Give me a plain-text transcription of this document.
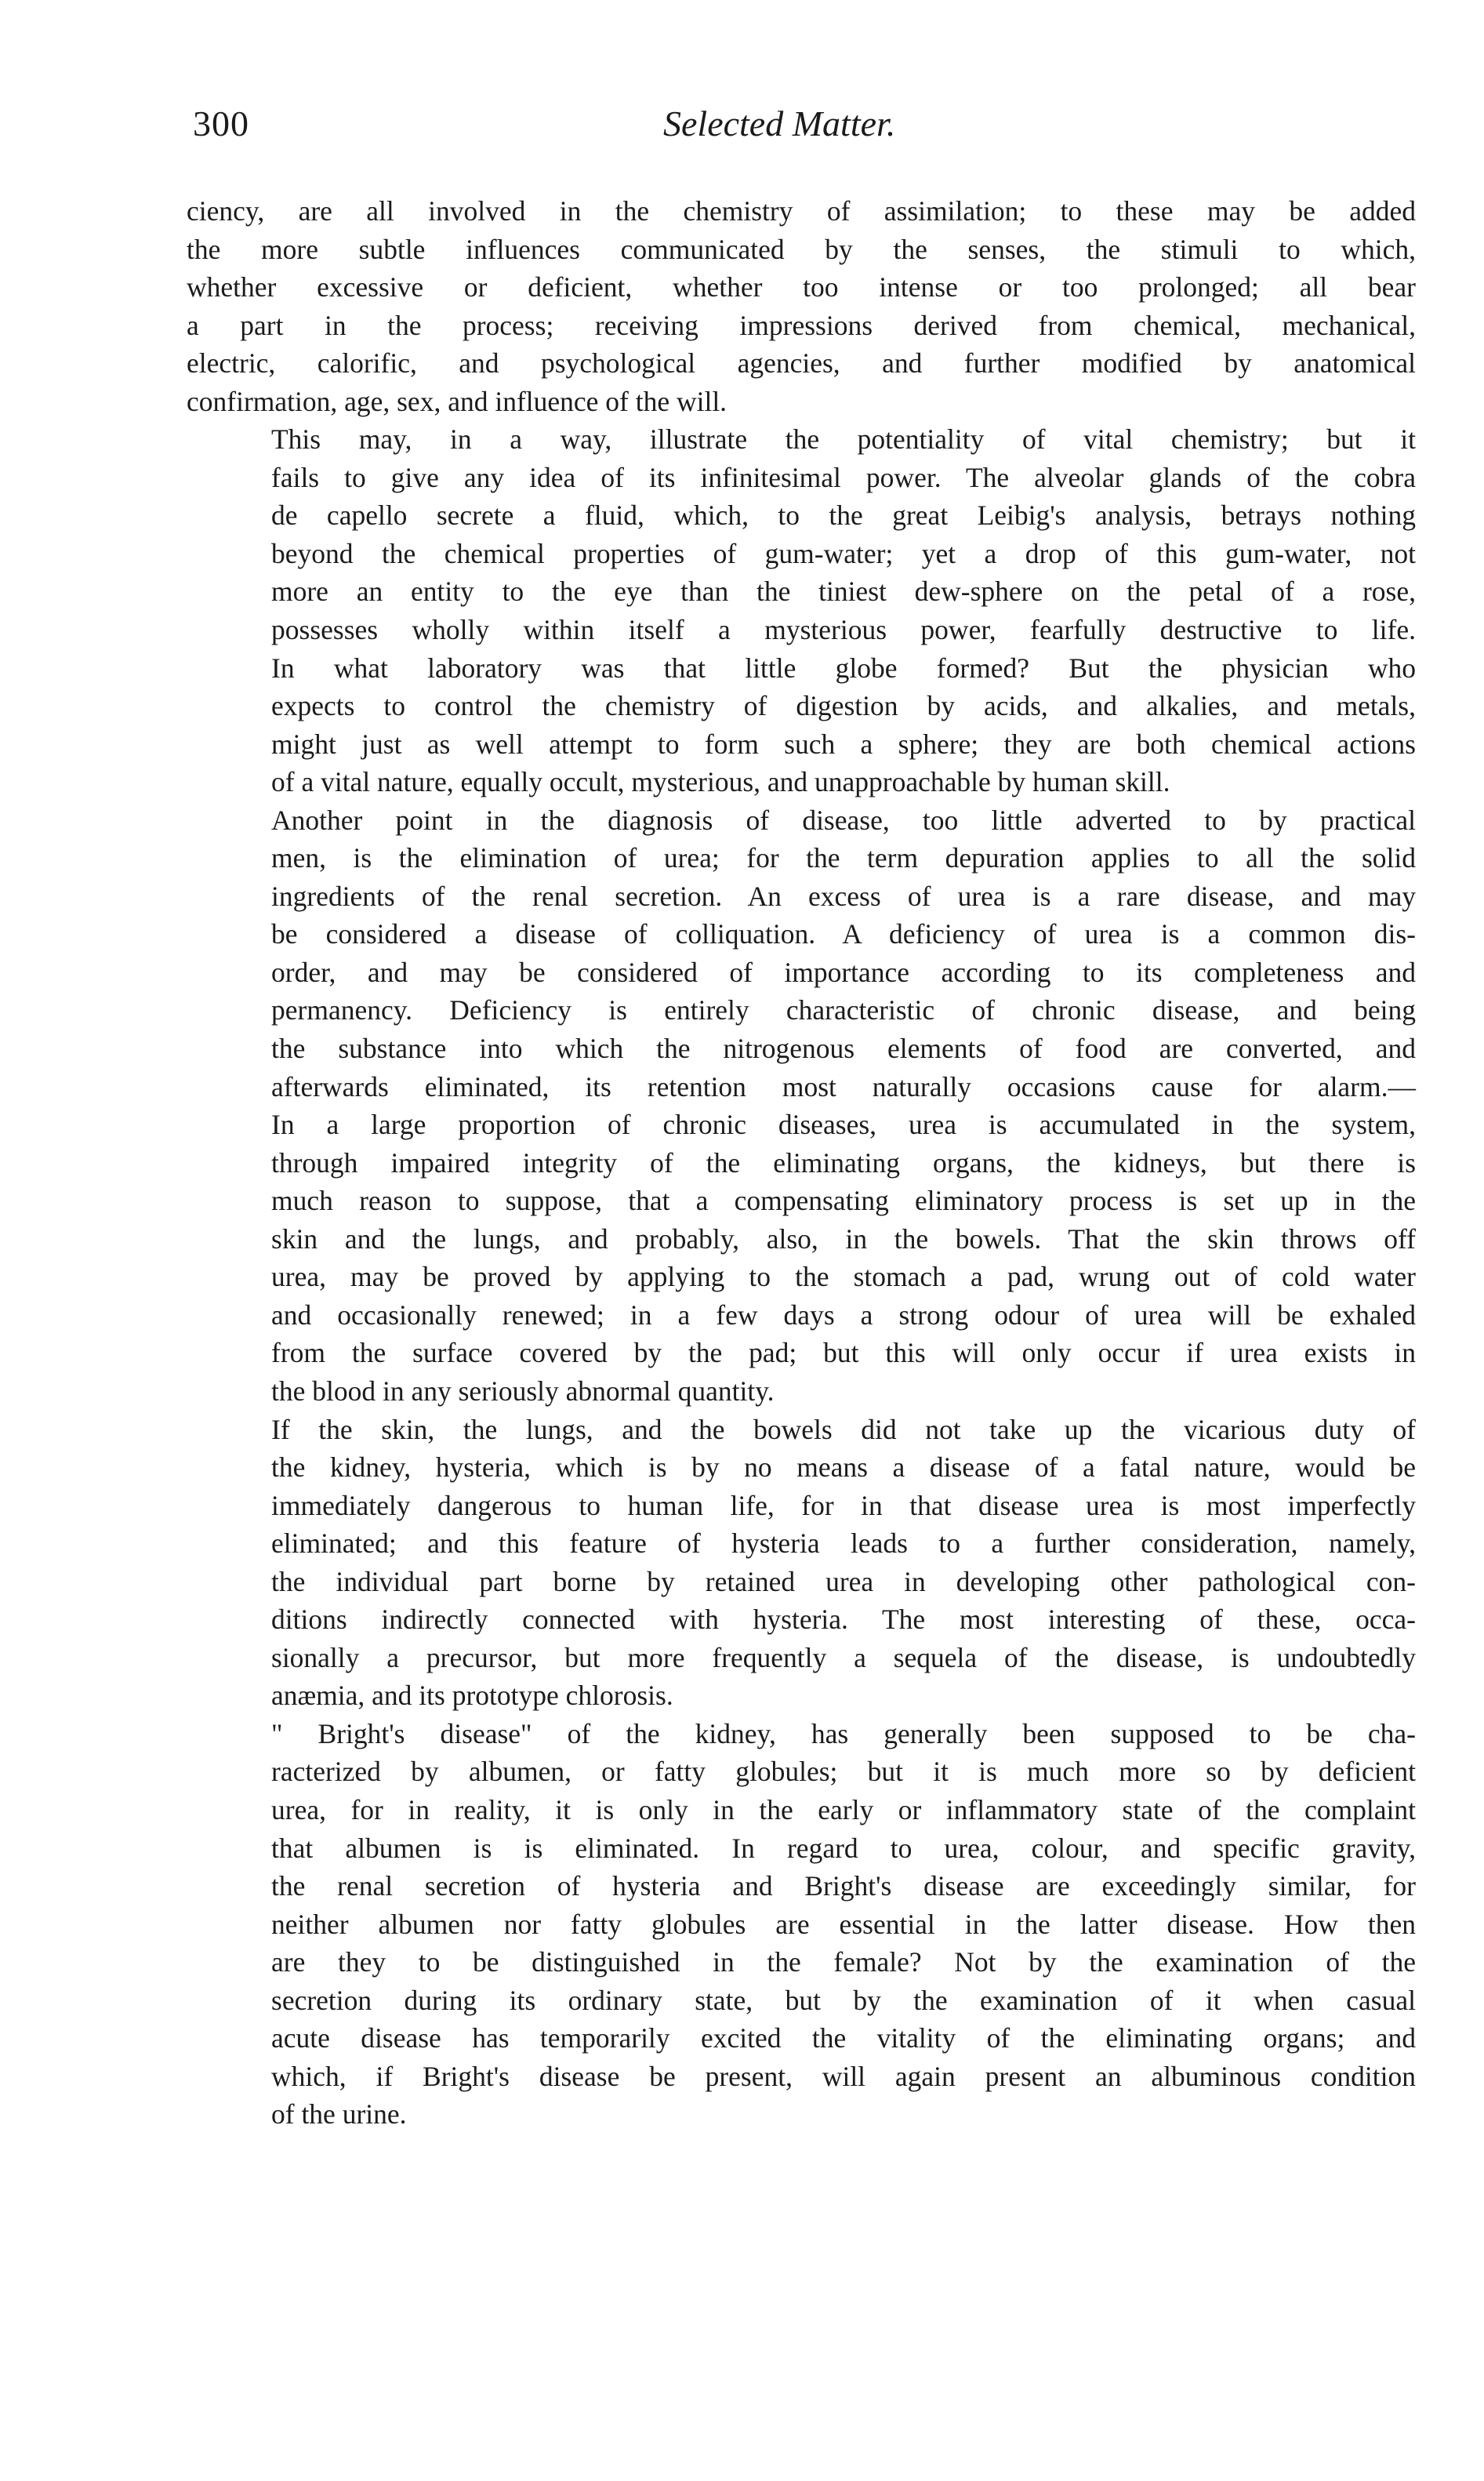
300	Selected Matter.
ciency, are all involved in the chemistry of assimilation; to these may be added
the more subtle influences communicated by the senses, the stimuli to which,
whether excessive or deficient, whether too intense or too prolonged; all bear
a part in the process; receiving impressions derived from chemical, mechanical,
electric, calorific, and psychological agencies, and further modified by anatomical
confirmation, age, sex, and influence of the will.
This may, in a way, illustrate the potentiality of vital chemistry; but it
fails to give any idea of its infinitesimal power. The alveolar glands of the cobra
de capello secrete a fluid, which, to the great Leibig's analysis, betrays nothing
beyond the chemical properties of gum-water; yet a drop of this gum-water, not
more an entity to the eye than the tiniest dew-sphere on the petal of a rose,
possesses wholly within itself a mysterious power, fearfully destructive to life.
In what laboratory was that little globe formed? But the physician who
expects to control the chemistry of digestion by acids, and alkalies, and metals,
might just as well attempt to form such a sphere; they are both chemical actions
of a vital nature, equally occult, mysterious, and unapproachable by human skill.
Another point in the diagnosis of disease, too little adverted to by practical
men, is the elimination of urea; for the term depuration applies to all the solid
ingredients of the renal secretion. An excess of urea is a rare disease, and may
be considered a disease of colliquation. A deficiency of urea is a common dis-
order, and may be considered of importance according to its completeness and
permanency. Deficiency is entirely characteristic of chronic disease, and being
the substance into which the nitrogenous elements of food are converted, and
afterwards eliminated, its retention most naturally occasions cause for alarm.—
In a large proportion of chronic diseases, urea is accumulated in the system,
through impaired integrity of the eliminating organs, the kidneys, but there is
much reason to suppose, that a compensating eliminatory process is set up in the
skin and the lungs, and probably, also, in the bowels. That the skin throws off
urea, may be proved by applying to the stomach a pad, wrung out of cold water
and occasionally renewed; in a few days a strong odour of urea will be exhaled
from the surface covered by the pad; but this will only occur if urea exists in
the blood in any seriously abnormal quantity.
If the skin, the lungs, and the bowels did not take up the vicarious duty of
the kidney, hysteria, which is by no means a disease of a fatal nature, would be
immediately dangerous to human life, for in that disease urea is most imperfectly
eliminated; and this feature of hysteria leads to a further consideration, namely,
the individual part borne by retained urea in developing other pathological con-
ditions indirectly connected with hysteria. The most interesting of these, occa-
sionally a precursor, but more frequently a sequela of the disease, is undoubtedly
anæmia, and its prototype chlorosis.
" Bright's disease" of the kidney, has generally been supposed to be cha-
racterized by albumen, or fatty globules; but it is much more so by deficient
urea, for in reality, it is only in the early or inflammatory state of the complaint
that albumen is is eliminated. In regard to urea, colour, and specific gravity,
the renal secretion of hysteria and Bright's disease are exceedingly similar, for
neither albumen nor fatty globules are essential in the latter disease. How then
are they to be distinguished in the female? Not by the examination of the
secretion during its ordinary state, but by the examination of it when casual
acute disease has temporarily excited the vitality of the eliminating organs; and
which, if Bright's disease be present, will again present an albuminous condition
of the urine.
